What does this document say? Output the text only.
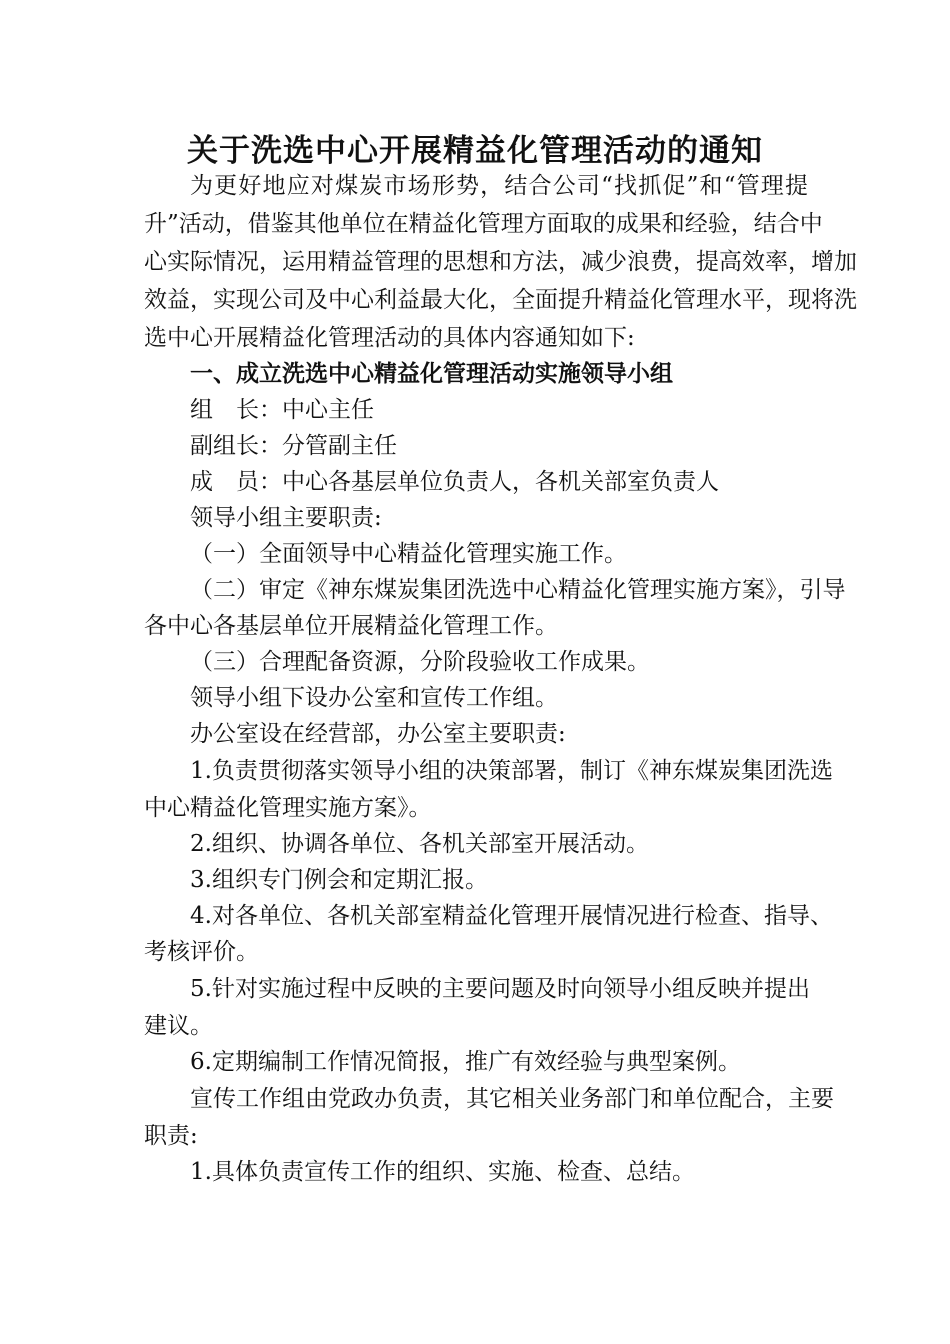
关于洗选中心开展精益化管理活动的通知
为更好地应对煤炭市场形势，结合公司“找抓促”和“管理提
升”活动，借鉴其他单位在精益化管理方面取的成果和经验，结合中
心实际情况，运用精益管理的思想和方法，减少浪费，提高效率，增加
效益，实现公司及中心利益最大化，全面提升精益化管理水平，现将洗
选中心开展精益化管理活动的具体内容通知如下:
一、成立洗选中心精益化管理活动实施领导小组
组　长：中心主任
副组长：分管副主任
成　员：中心各基层单位负责人，各机关部室负责人
领导小组主要职责:
（一）全面领导中心精益化管理实施工作。
（二）审定《神东煤炭集团洗选中心精益化管理实施方案》，引导
各中心各基层单位开展精益化管理工作。
（三）合理配备资源，分阶段验收工作成果。
领导小组下设办公室和宣传工作组。
办公室设在经营部，办公室主要职责:
1.负责贯彻落实领导小组的决策部署，制订《神东煤炭集团洗选
中心精益化管理实施方案》。
2.组织、协调各单位、各机关部室开展活动。
3.组织专门例会和定期汇报。
4.对各单位、各机关部室精益化管理开展情况进行检查、指导、
考核评价。
5.针对实施过程中反映的主要问题及时向领导小组反映并提出
建议。
6.定期编制工作情况简报，推广有效经验与典型案例。
宣传工作组由党政办负责，其它相关业务部门和单位配合，主要
职责:
1.具体负责宣传工作的组织、实施、检查、总结。
